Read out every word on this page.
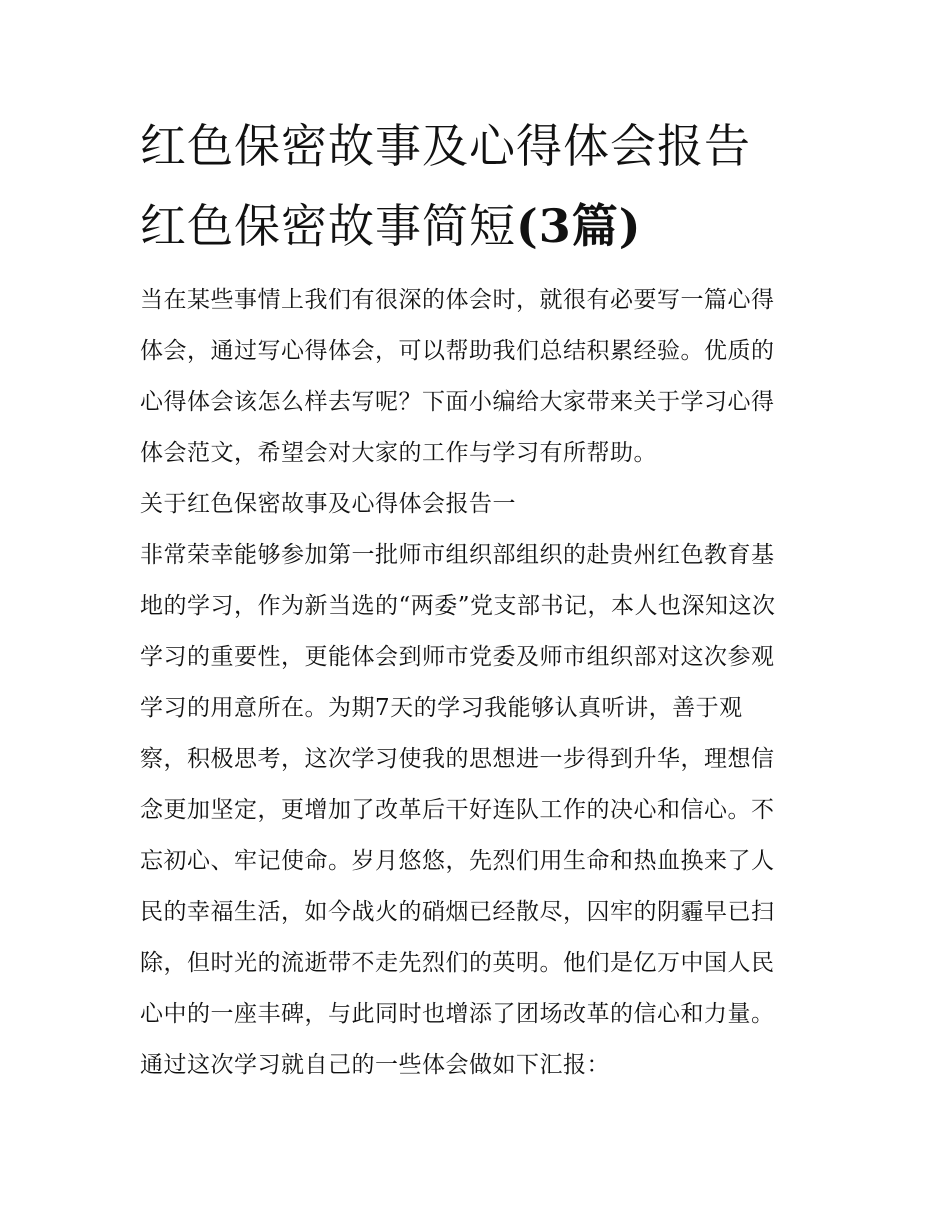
红色保密故事及心得体会报告
红色保密故事简短(3篇)
当在某些事情上我们有很深的体会时，就很有必要写一篇心得
体会，通过写心得体会，可以帮助我们总结积累经验。优质的
心得体会该怎么样去写呢？下面小编给大家带来关于学习心得
体会范文，希望会对大家的工作与学习有所帮助。
关于红色保密故事及心得体会报告一
非常荣幸能够参加第一批师市组织部组织的赴贵州红色教育基
地的学习，作为新当选的“两委”党支部书记，本人也深知这次
学习的重要性，更能体会到师市党委及师市组织部对这次参观
学习的用意所在。为期7天的学习我能够认真听讲，善于观
察，积极思考，这次学习使我的思想进一步得到升华，理想信
念更加坚定，更增加了改革后干好连队工作的决心和信心。不
忘初心、牢记使命。岁月悠悠，先烈们用生命和热血换来了人
民的幸福生活，如今战火的硝烟已经散尽，囚牢的阴霾早已扫
除，但时光的流逝带不走先烈们的英明。他们是亿万中国人民
心中的一座丰碑，与此同时也增添了团场改革的信心和力量。
通过这次学习就自己的一些体会做如下汇报：
